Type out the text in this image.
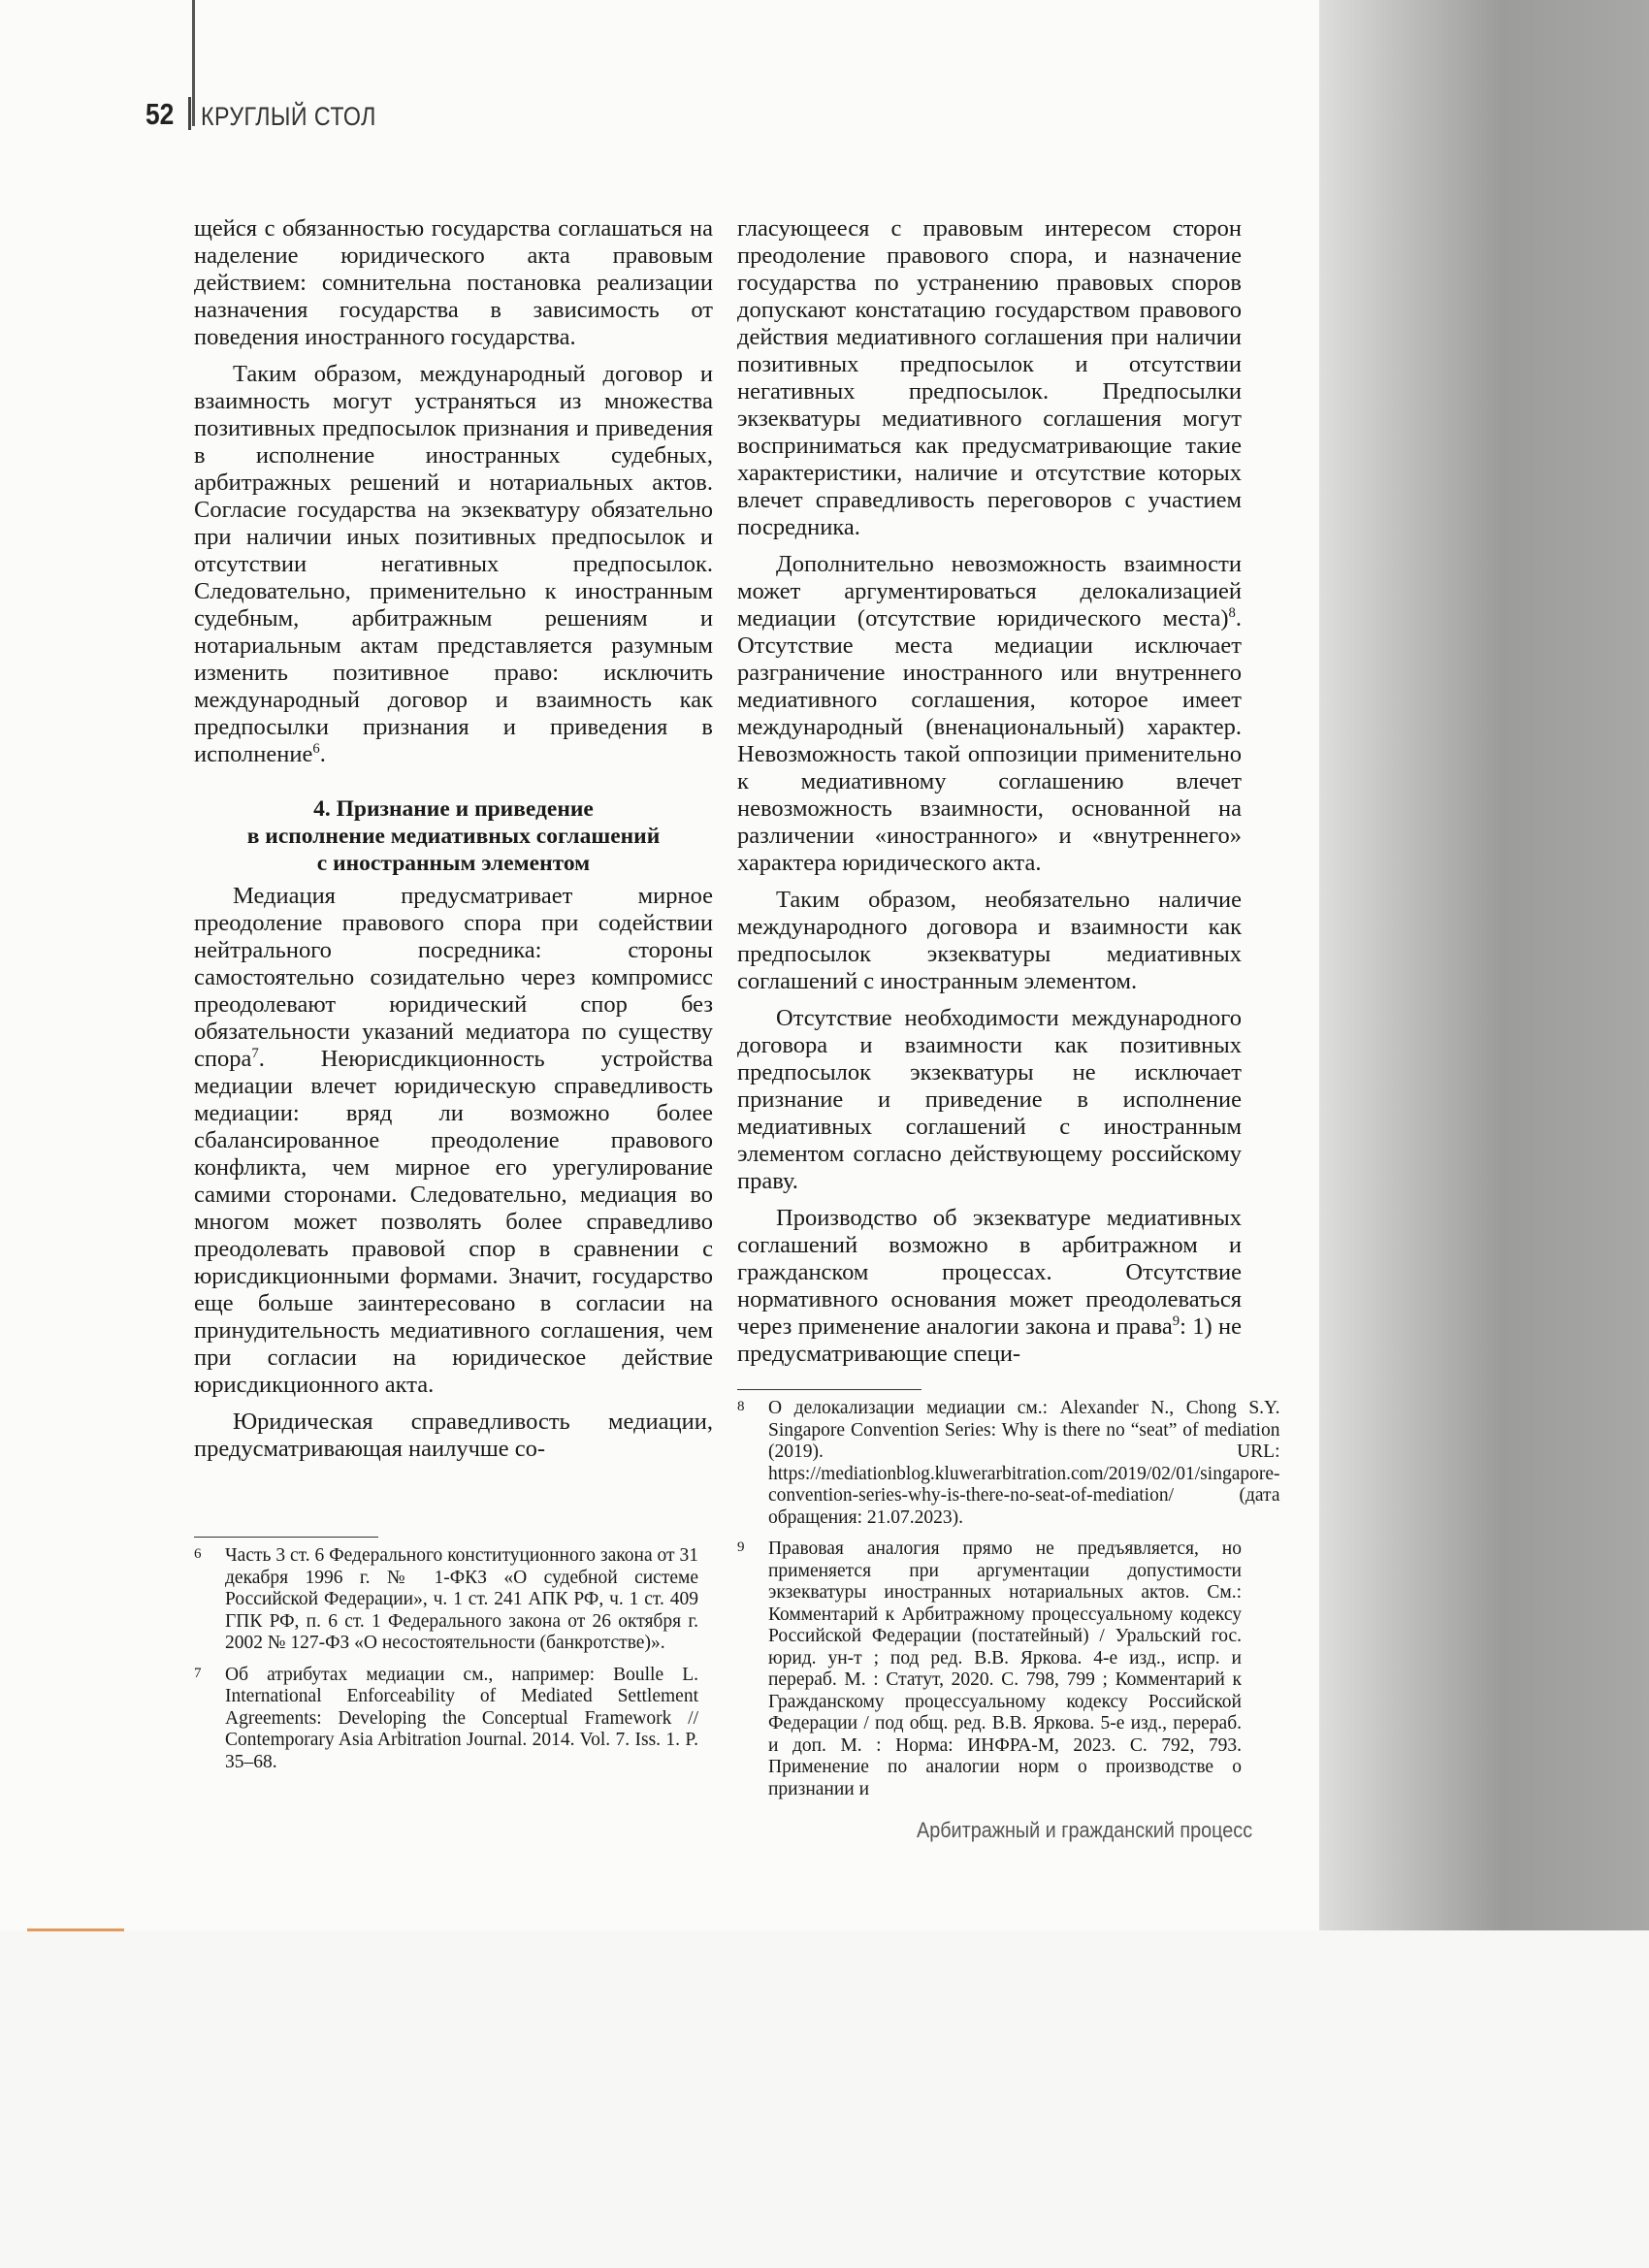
52 КРУГЛЫЙ СТОЛ

щейся с обязанностью государства соглашаться на наделение юридического акта правовым действием: сомнительна постановка реализации назначения государства в зависимость от поведения иностранного государства.

Таким образом, международный договор и взаимность могут устраняться из множества позитивных предпосылок признания и приведения в исполнение иностранных судебных, арбитражных решений и нотариальных актов. Согласие государства на экзекватуру обязательно при наличии иных позитивных предпосылок и отсутствии негативных предпосылок. Следовательно, применительно к иностранным судебным, арбитражным решениям и нотариальным актам представляется разумным изменить позитивное право: исключить международный договор и взаимность как предпосылки признания и приведения в исполнение$^6$.

4. Признание и приведение
в исполнение медиативных соглашений
с иностранным элементом

Медиация предусматривает мирное преодоление правового спора при содействии нейтрального посредника: стороны самостоятельно созидательно через компромисс преодолевают юридический спор без обязательности указаний медиатора по существу спора$^7$. Неюрисдикционность устройства медиации влечет юридическую справедливость медиации: вряд ли возможно более сбалансированное преодоление правового конфликта, чем мирное его урегулирование самими сторонами. Следовательно, медиация во многом может позволять более справедливо преодолевать правовой спор в сравнении с юрисдикционными формами. Значит, государство еще больше заинтересовано в согласии на принудительность медиативного соглашения, чем при согласии на юридическое действие юрисдикционного акта.

Юридическая справедливость медиации, предусматривающая наилучше со-

гласующееся с правовым интересом сторон преодоление правового спора, и назначение государства по устранению правовых споров допускают констатацию государством правового действия медиативного соглашения при наличии позитивных предпосылок и отсутствии негативных предпосылок. Предпосылки экзекватуры медиативного соглашения могут восприниматься как предусматривающие такие характеристики, наличие и отсутствие которых влечет справедливость переговоров с участием посредника.

Дополнительно невозможность взаимности может аргументироваться делокализацией медиации (отсутствие юридического места)$^8$. Отсутствие места медиации исключает разграничение иностранного или внутреннего медиативного соглашения, которое имеет международный (вненациональный) характер. Невозможность такой оппозиции применительно к медиативному соглашению влечет невозможность взаимности, основанной на различении «иностранного» и «внутреннего» характера юридического акта.

Таким образом, необязательно наличие международного договора и взаимности как предпосылок экзекватуры медиативных соглашений с иностранным элементом.

Отсутствие необходимости международного договора и взаимности как позитивных предпосылок экзекватуры не исключает признание и приведение в исполнение медиативных соглашений с иностранным элементом согласно действующему российскому праву.

Производство об экзекватуре медиативных соглашений возможно в арбитражном и гражданском процессах. Отсутствие нормативного основания может преодолеваться через применение аналогии закона и права$^9$: 1) не предусматривающие специ-

6	Часть 3 ст. 6 Федерального конституционного закона от 31 декабря 1996 г. № 1-ФКЗ «О судебной системе Российской Федерации», ч. 1 ст. 241 АПК РФ, ч. 1 ст. 409 ГПК РФ, п. 6 ст. 1 Федерального закона от 26 октября г. 2002 № 127-ФЗ «О несостоятельности (банкротстве)».
7	Об атрибутах медиации см., например: Boulle L. International Enforceability of Mediated Settlement Agreements: Developing the Conceptual Framework // Contemporary Asia Arbitration Journal. 2014. Vol. 7. Iss. 1. P. 35–68.
8	О делокализации медиации см.: Alexander N., Chong S.Y. Singapore Convention Series: Why is there no “seat” of mediation (2019). URL: https://mediationblog.kluwerarbitration.com/2019/02/01/singapore-convention-series-why-is-there-no-seat-of-mediation/ (дата обращения: 21.07.2023).
9	Правовая аналогия прямо не предъявляется, но применяется при аргументации допустимости экзекватуры иностранных нотариальных актов. См.: Комментарий к Арбитражному процессуальному кодексу Российской Федерации (постатейный) / Уральский гос. юрид. ун-т ; под ред. В.В. Яркова. 4-е изд., испр. и перераб. М. : Статут, 2020. С. 798, 799 ; Комментарий к Гражданскому процессуальному кодексу Российской Федерации / под общ. ред. В.В. Яркова. 5-е изд., перераб. и доп. М. : Норма: ИНФРА-М, 2023. С. 792, 793. Применение по аналогии норм о производстве о признании и
Арбитражный и гражданский процесс
